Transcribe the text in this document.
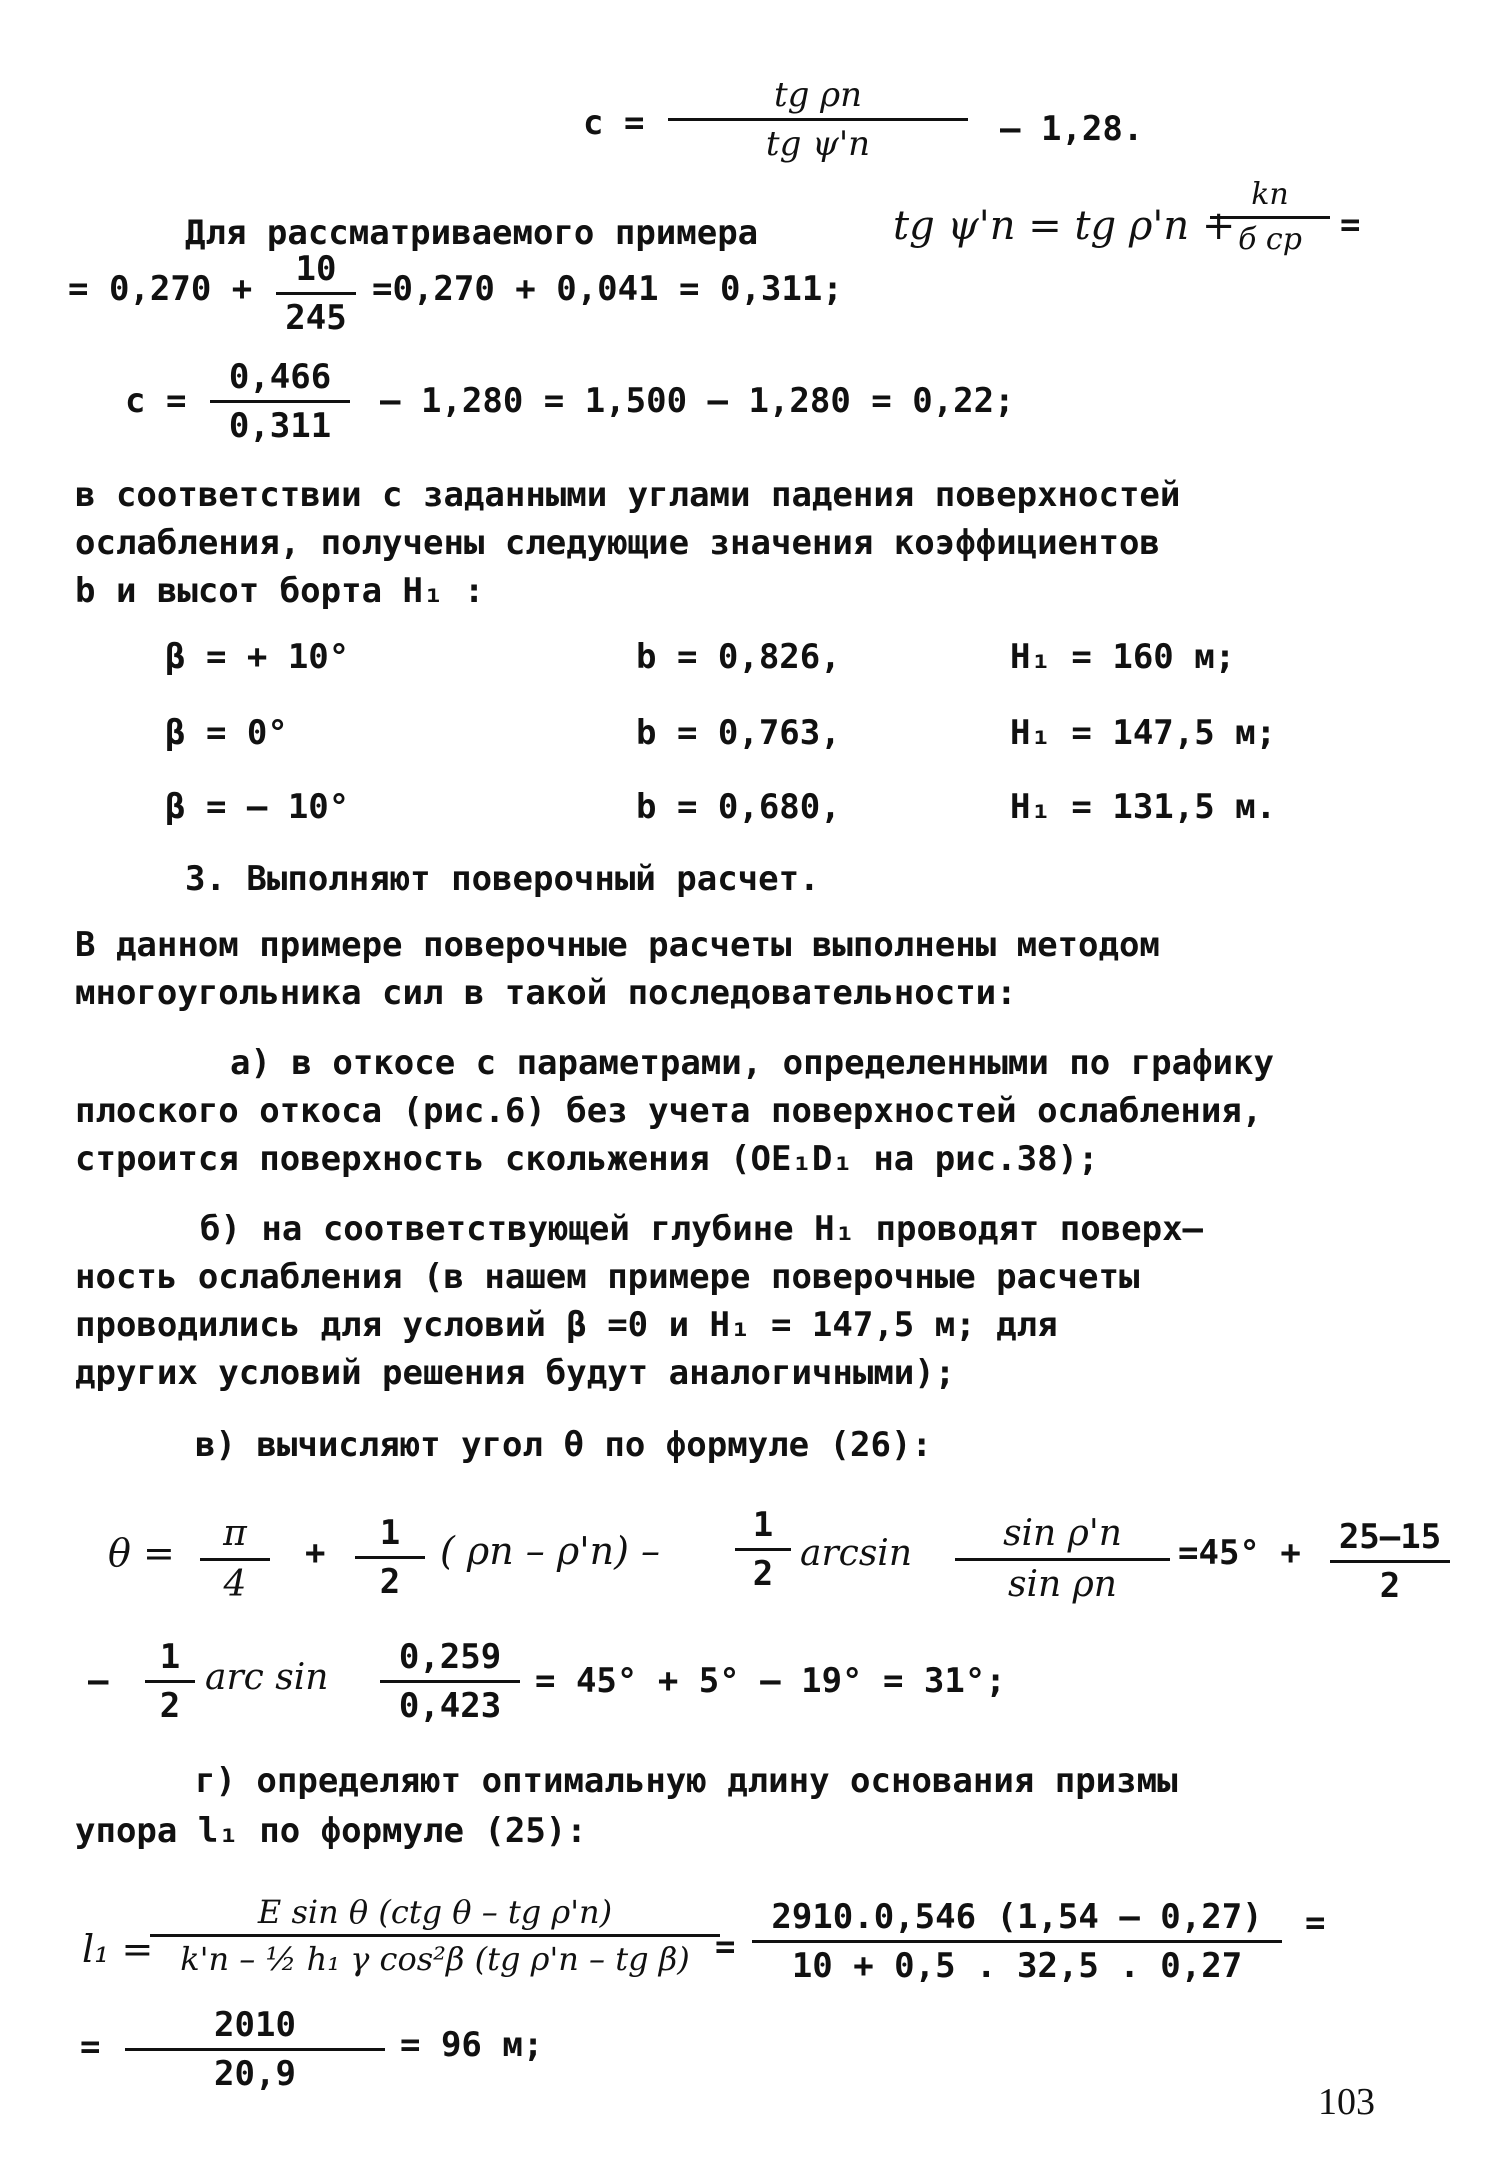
$c = \frac{\text{tg ρn}}{\text{tg ψ'n}} - 1,28$.
Для рассматриваемого примера	tg ψ'n = tg ρ'n +
kn
б ср	=
= $0,270 + \frac{10}{245} =0,270 + 0,041 = 0,311$;
$c = \frac{0,466}{0,311} - 1,280 = 1,500 - 1,280 = 0,22$;
в соответствии с заданными углами падения поверхностей
ослабления, получены следующие значения коэффициентов
b и высот борта H₁ :
β = + 10°	b = 0,826,	H₁ = 160 м;
β = 0°	b = 0,763,	H₁ = 147,5 м;
β = – 10°	b = 0,680,	H₁ = 131,5 м.
3. Выполняют поверочный расчет.
В данном примере поверочные расчеты выполнены методом
многоугольника сил в такой последовательности:
а) в откосе с параметрами, определенными по графику
плоского откоса (рис.6) без учета поверхностей ослабления,
строится поверхность скольжения (OE₁D₁ на рис.38);
б) на соответствующей глубине H₁ проводят поверх–
ность ослабления (в нашем примере поверочные расчеты
проводились для условий β =0 и H₁ = 147,5 м; для
других условий решения будут аналогичными);
в) вычисляют угол θ по формуле (26):
$\theta = \frac{\pi}{4} + \frac{1}{2}$ ( ρn – $\rho'n) - \frac{1}{2}$ $\arcsin \frac{\text{sin ρ'n}}{\text{sin ρn}} =45^\circ + \frac{25-15}{2}$
– $\frac{1}{2}$ arc $\sin \frac{0,259}{0,423} = 45^\circ + 5^\circ - 19^\circ = 31^\circ$;
г) определяют оптимальную длину основания призмы
упора l₁ по формуле (25):
l₁ =
E sin θ (ctg θ – tg ρ'n)
k'n – ½ h₁ γ cos²β (tg ρ'n – tg $\beta) = \frac{2910.0,546 (1,54 - 0,27)}{10 + 0,5 . 32,5 . 0,27}$ =
= $\frac{2010}{20,9} = 96$ м;
103
